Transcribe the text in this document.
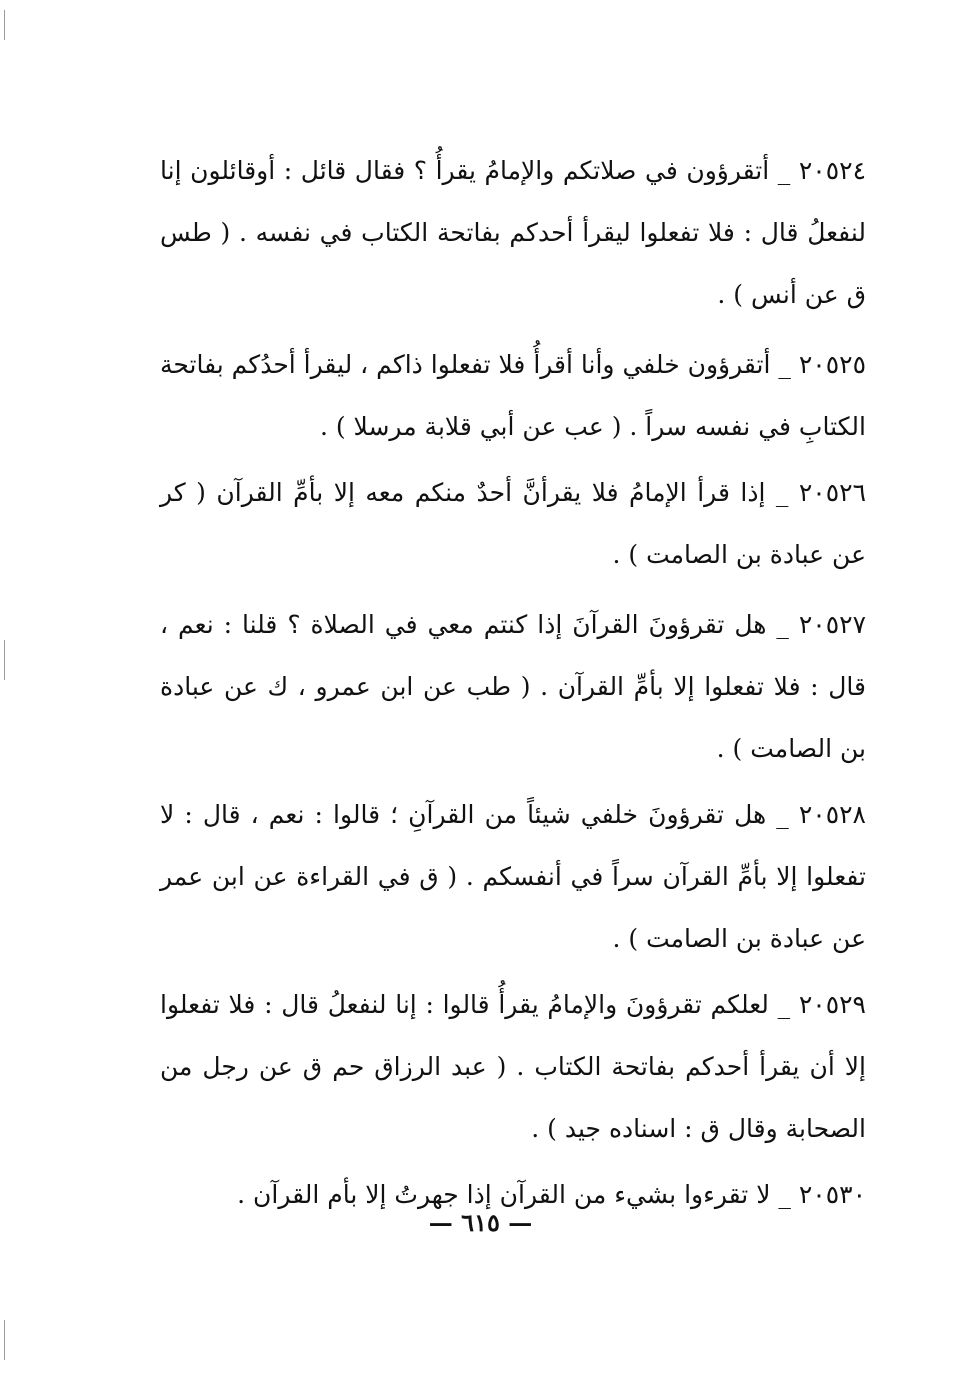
٢٠٥٢٤ _ أتقرؤون في صلاتكم والإمامُ يقرأُ ؟ فقال قائل : أوقائلون إنا لنفعلُ قال : فلا تفعلوا ليقرأ أحدكم بفاتحة الكتاب في نفسه . ( طس ق عن أنس ) .

٢٠٥٢٥ _ أتقرؤون خلفي وأنا أقرأُ فلا تفعلوا ذاكم ، ليقرأ أحدُكم بفاتحة الكتابِ في نفسه سراً . ( عب عن أبي قلابة مرسلا ) .

٢٠٥٢٦ _ إذا قرأ الإمامُ فلا يقرأنَّ أحدٌ منكم معه إلا بأمِّ القرآن ( كر عن عبادة بن الصامت ) .

٢٠٥٢٧ _ هل تقرؤونَ القرآنَ إذا كنتم معي في الصلاة ؟ قلنا : نعم ، قال : فلا تفعلوا إلا بأمِّ القرآن . ( طب عن ابن عمرو ، ك عن عبادة بن الصامت ) .

٢٠٥٢٨ _ هل تقرؤونَ خلفي شيئاً من القرآنِ ؛ قالوا : نعم ، قال : لا تفعلوا إلا بأمِّ القرآن سراً في أنفسكم . ( ق في القراءة عن ابن عمر عن عبادة بن الصامت ) .

٢٠٥٢٩ _ لعلكم تقرؤونَ والإمامُ يقرأُ قالوا : إنا لنفعلُ قال : فلا تفعلوا إلا أن يقرأ أحدكم بفاتحة الكتاب . ( عبد الرزاق حم ق عن رجل من الصحابة وقال ق : اسناده جيد ) .

٢٠٥٣٠ _ لا تقرءوا بشيء من القرآن إذا جهرتُ إلا بأم القرآن .

— ٦١٥ —
